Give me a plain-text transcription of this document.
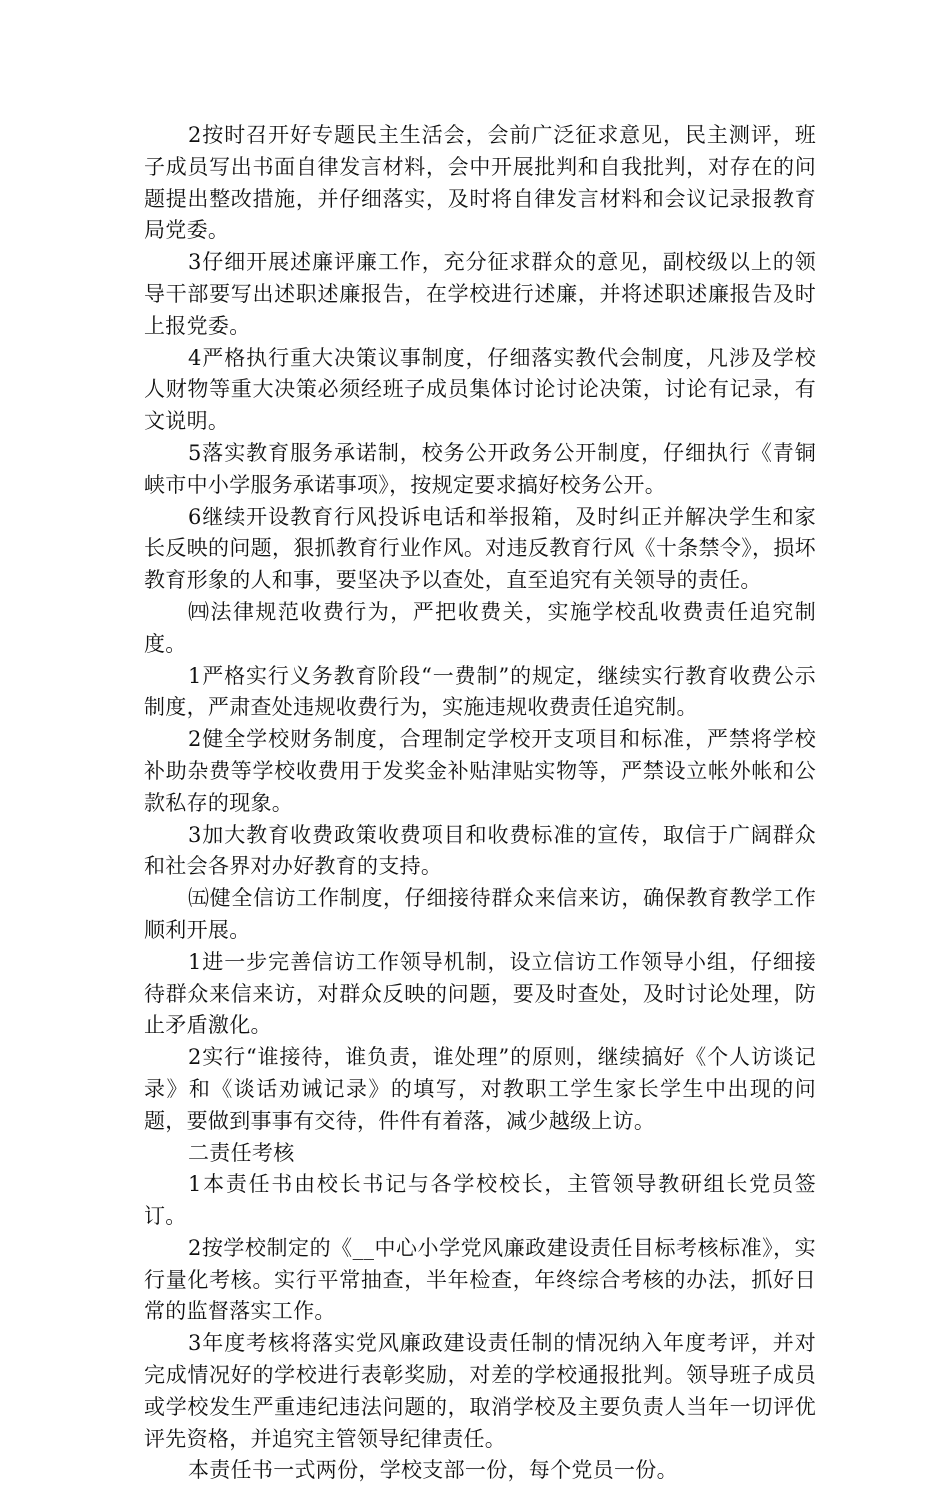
2按时召开好专题民主生活会，会前广泛征求意见，民主测评，班子成员写出书面自律发言材料，会中开展批判和自我批判，对存在的问题提出整改措施，并仔细落实，及时将自律发言材料和会议记录报教育局党委。

3仔细开展述廉评廉工作，充分征求群众的意见，副校级以上的领导干部要写出述职述廉报告，在学校进行述廉，并将述职述廉报告及时上报党委。

4严格执行重大决策议事制度，仔细落实教代会制度，凡涉及学校人财物等重大决策必须经班子成员集体讨论讨论决策，讨论有记录，有文说明。

5落实教育服务承诺制，校务公开政务公开制度，仔细执行《青铜峡市中小学服务承诺事项》，按规定要求搞好校务公开。

6继续开设教育行风投诉电话和举报箱，及时纠正并解决学生和家长反映的问题，狠抓教育行业作风。对违反教育行风《十条禁令》，损坏教育形象的人和事，要坚决予以查处，直至追究有关领导的责任。

㈣法律规范收费行为，严把收费关，实施学校乱收费责任追究制度。

1严格实行义务教育阶段“一费制”的规定，继续实行教育收费公示制度，严肃查处违规收费行为，实施违规收费责任追究制。

2健全学校财务制度，合理制定学校开支项目和标准，严禁将学校补助杂费等学校收费用于发奖金补贴津贴实物等，严禁设立帐外帐和公款私存的现象。

3加大教育收费政策收费项目和收费标准的宣传，取信于广阔群众和社会各界对办好教育的支持。

㈤健全信访工作制度，仔细接待群众来信来访，确保教育教学工作顺利开展。

1进一步完善信访工作领导机制，设立信访工作领导小组，仔细接待群众来信来访，对群众反映的问题，要及时查处，及时讨论处理，防止矛盾激化。

2实行“谁接待，谁负责，谁处理”的原则，继续搞好《个人访谈记录》和《谈话劝诫记录》的填写，对教职工学生家长学生中出现的问题，要做到事事有交待，件件有着落，减少越级上访。

二责任考核

1本责任书由校长书记与各学校校长，主管领导教研组长党员签订。

2按学校制定的《__中心小学党风廉政建设责任目标考核标准》，实行量化考核。实行平常抽查，半年检查，年终综合考核的办法，抓好日常的监督落实工作。

3年度考核将落实党风廉政建设责任制的情况纳入年度考评，并对完成情况好的学校进行表彰奖励，对差的学校通报批判。领导班子成员或学校发生严重违纪违法问题的，取消学校及主要负责人当年一切评优评先资格，并追究主管领导纪律责任。

本责任书一式两份，学校支部一份，每个党员一份。
